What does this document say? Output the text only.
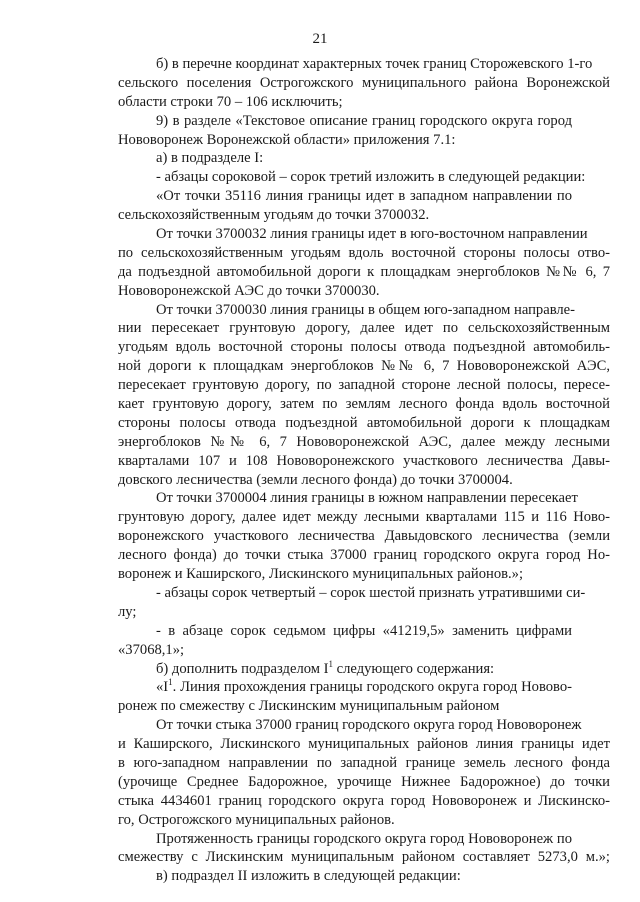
21
б) в перечне координат характерных точек границ Сторожевского 1-го
сельского поселения Острогожского муниципального района Воронежской
области строки 70 – 106 исключить;
9) в разделе «Текстовое описание границ городского округа город
Нововоронеж Воронежской области» приложения 7.1:
а) в подразделе I:
- абзацы сороковой – сорок третий изложить в следующей редакции:
«От точки 35116 линия границы идет в западном направлении по
сельскохозяйственным угодьям до точки 3700032.
От точки 3700032 линия границы идет в юго-восточном направлении
по сельскохозяйственным угодьям вдоль восточной стороны полосы отво-
да подъездной автомобильной дороги к площадкам энергоблоков №№ 6, 7
Нововоронежской АЭС до точки 3700030.
От точки 3700030 линия границы в общем юго-западном направле-
нии пересекает грунтовую дорогу, далее идет по сельскохозяйственным
угодьям вдоль восточной стороны полосы отвода подъездной автомобиль-
ной дороги к площадкам энергоблоков №№ 6, 7 Нововоронежской АЭС,
пересекает грунтовую дорогу, по западной стороне лесной полосы, пересе-
кает грунтовую дорогу, затем по землям лесного фонда вдоль восточной
стороны полосы отвода подъездной автомобильной дороги к площадкам
энергоблоков №№ 6, 7 Нововоронежской АЭС, далее между лесными
кварталами 107 и 108 Нововоронежского участкового лесничества Давы-
довского лесничества (земли лесного фонда) до точки 3700004.
От точки 3700004 линия границы в южном направлении пересекает
грунтовую дорогу, далее идет между лесными кварталами 115 и 116 Ново-
воронежского участкового лесничества Давыдовского лесничества (земли
лесного фонда) до точки стыка 37000 границ городского округа город Но-
воронеж и Каширского, Лискинского муниципальных районов.»;
- абзацы сорок четвертый – сорок шестой признать утратившими си-
лу;
- в абзаце сорок седьмом цифры «41219,5» заменить цифрами
«37068,1»;
б) дополнить подразделом $I^1$ следующего содержания:
«$I^1$. Линия прохождения границы городского округа город Новово-
ронеж по смежеству с Лискинским муниципальным районом
От точки стыка 37000 границ городского округа город Нововоронеж
и Каширского, Лискинского муниципальных районов линия границы идет
в юго-западном направлении по западной границе земель лесного фонда
(урочище Среднее Бадорожное, урочище Нижнее Бадорожное) до точки
стыка 4434601 границ городского округа город Нововоронеж и Лискинско-
го, Острогожского муниципальных районов.
Протяженность границы городского округа город Нововоронеж по
смежеству с Лискинским муниципальным районом составляет 5273,0 м.»;
в) подраздел II изложить в следующей редакции:
